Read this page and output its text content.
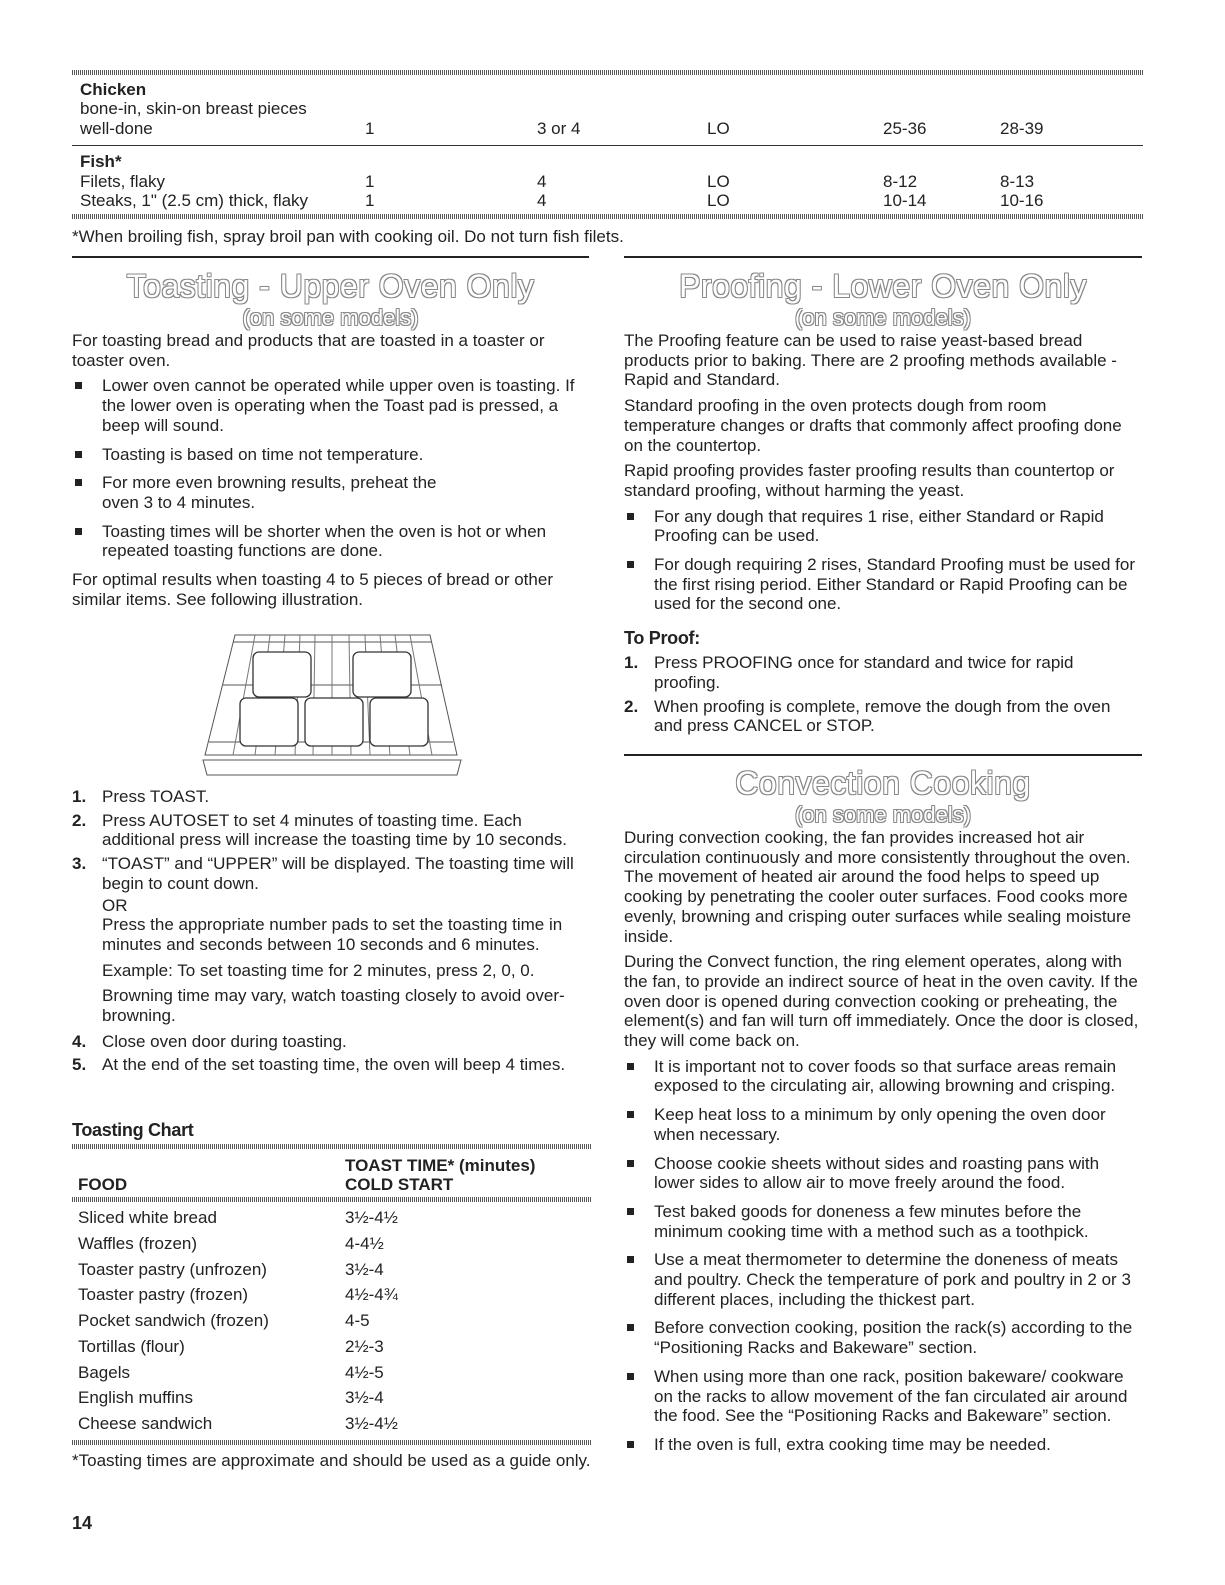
Chicken
bone-in, skin-on breast pieces
well-done	1	3 or 4	LO	25-36	28-39
Fish*
Filets, flaky	1	4	LO	8-12	8-13
Steaks, 1" (2.5 cm) thick, flaky	1	4	LO	10-14	10-16
*When broiling fish, spray broil pan with cooking oil. Do not turn fish filets.
Toasting - Upper Oven Only
(on some models)

For toasting bread and products that are toasted in a toaster or toaster oven.

Lower oven cannot be operated while upper oven is toasting. If the lower oven is operating when the Toast pad is pressed, a beep will sound.
Toasting is based on time not temperature.
For more even browning results, preheat the oven 3 to 4 minutes.
Toasting times will be shorter when the oven is hot or when repeated toasting functions are done.

For optimal results when toasting 4 to 5 pieces of bread or other similar items. See following illustration.

1. Press TOAST.
2. Press AUTOSET to set 4 minutes of toasting time. Each additional press will increase the toasting time by 10 seconds.
3. “TOAST” and “UPPER” will be displayed. The toasting time will begin to count down.
OR
Press the appropriate number pads to set the toasting time in minutes and seconds between 10 seconds and 6 minutes.
Example: To set toasting time for 2 minutes, press 2, 0, 0.
Browning time may vary, watch toasting closely to avoid over-browning.
4. Close oven door during toasting.
5. At the end of the set toasting time, the oven will beep 4 times.
Toasting Chart
TOAST TIME* (minutes)
FOOD	COLD START
Sliced white bread	3½-4½
Waffles (frozen)	4-4½
Toaster pastry (unfrozen)	3½-4
Toaster pastry (frozen)	4½-4¾
Pocket sandwich (frozen)	4-5
Tortillas (flour)	2½-3
Bagels	4½-5
English muffins	3½-4
Cheese sandwich	3½-4½
*Toasting times are approximate and should be used as a guide only.
14
Proofing - Lower Oven Only
(on some models)

The Proofing feature can be used to raise yeast-based bread products prior to baking. There are 2 proofing methods available - Rapid and Standard.

Standard proofing in the oven protects dough from room temperature changes or drafts that commonly affect proofing done on the countertop.

Rapid proofing provides faster proofing results than countertop or standard proofing, without harming the yeast.

For any dough that requires 1 rise, either Standard or Rapid Proofing can be used.
For dough requiring 2 rises, Standard Proofing must be used for the first rising period. Either Standard or Rapid Proofing can be used for the second one.
To Proof:
1. Press PROOFING once for standard and twice for rapid proofing.
2. When proofing is complete, remove the dough from the oven and press CANCEL or STOP.
Convection Cooking
(on some models)

During convection cooking, the fan provides increased hot air circulation continuously and more consistently throughout the oven. The movement of heated air around the food helps to speed up cooking by penetrating the cooler outer surfaces. Food cooks more evenly, browning and crisping outer surfaces while sealing moisture inside.

During the Convect function, the ring element operates, along with the fan, to provide an indirect source of heat in the oven cavity. If the oven door is opened during convection cooking or preheating, the element(s) and fan will turn off immediately. Once the door is closed, they will come back on.

It is important not to cover foods so that surface areas remain exposed to the circulating air, allowing browning and crisping.
Keep heat loss to a minimum by only opening the oven door when necessary.
Choose cookie sheets without sides and roasting pans with lower sides to allow air to move freely around the food.
Test baked goods for doneness a few minutes before the minimum cooking time with a method such as a toothpick.
Use a meat thermometer to determine the doneness of meats and poultry. Check the temperature of pork and poultry in 2 or 3 different places, including the thickest part.
Before convection cooking, position the rack(s) according to the “Positioning Racks and Bakeware” section.
When using more than one rack, position bakeware/ cookware on the racks to allow movement of the fan circulated air around the food. See the “Positioning Racks and Bakeware” section.
If the oven is full, extra cooking time may be needed.
